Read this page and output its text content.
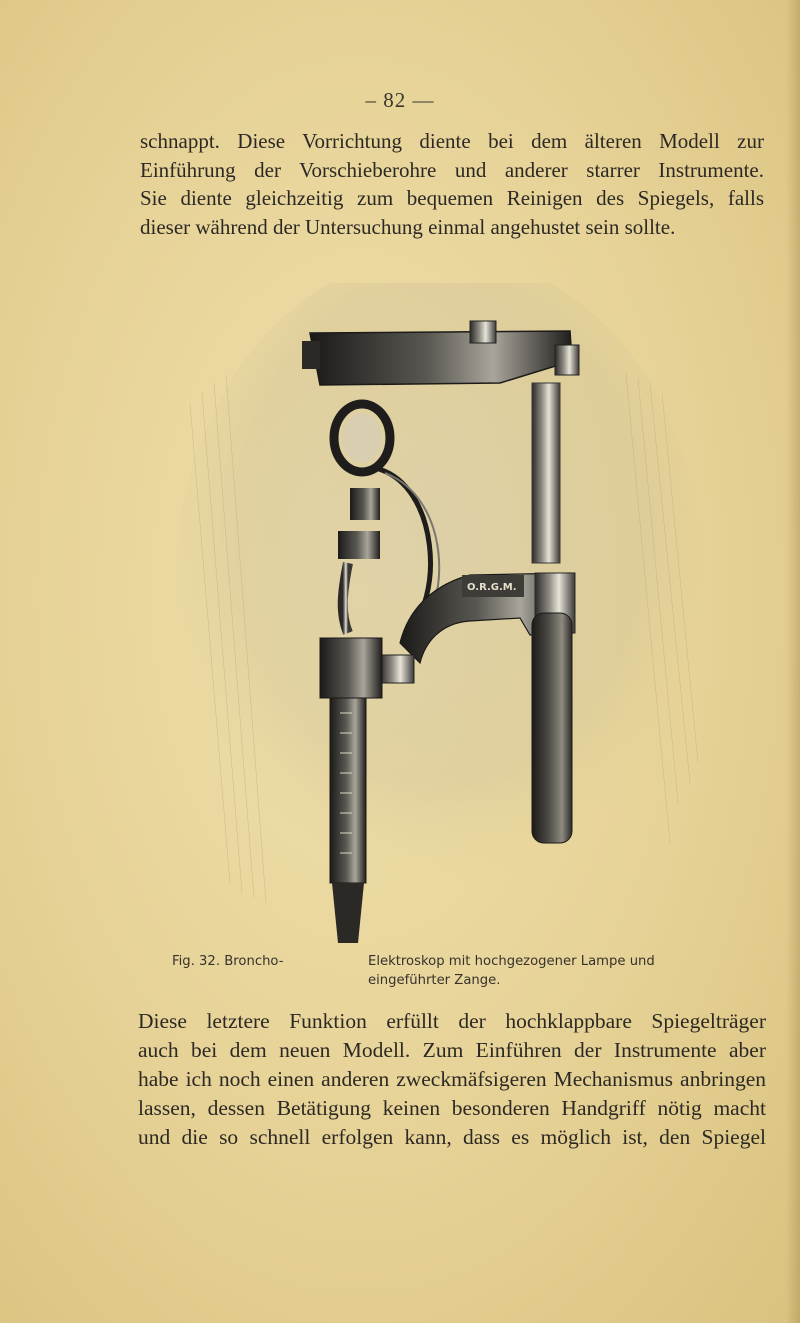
– 82 —
schnappt. Diese Vorrichtung diente bei dem älteren Modell zur
Einführung der Vorschieberohre und anderer starrer Instrumente.
Sie diente gleichzeitig zum bequemen Reinigen des Spiegels, falls
dieser während der Untersuchung einmal angehustet sein sollte.
O.R.G.M.
Fig. 32. Broncho-	Elektroskop mit hochgezogener Lampe und
eingeführter Zange.
Diese letztere Funktion erfüllt der hochklappbare Spiegelträger
auch bei dem neuen Modell. Zum Einführen der Instrumente aber
habe ich noch einen anderen zweckmäfsigeren Mechanismus anbringen
lassen, dessen Betätigung keinen besonderen Handgriff nötig macht
und die so schnell erfolgen kann, dass es möglich ist, den Spiegel
